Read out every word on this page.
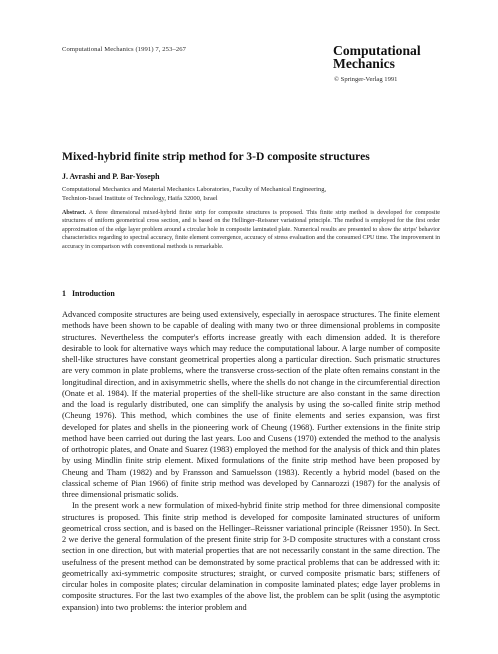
Computational Mechanics (1991) 7, 253–267	Computational
Mechanics
© Springer-Verlag 1991
Mixed-hybrid finite strip method for 3-D composite structures
J. Avrashi and P. Bar-Yoseph
Computational Mechanics and Material Mechanics Laboratories, Faculty of Mechanical Engineering,
Technion-Israel Institute of Technology, Haifa 32000, Israel
Abstract. A three dimensional mixed-hybrid finite strip for composite structures is proposed. This finite strip method is developed for composite structures of uniform geometrical cross section, and is based on the Hellinger–Reissner variational principle. The method is employed for the first order approximation of the edge layer problem around a circular hole in composite laminated plate. Numerical results are presented to show the strips' behavior characteristics regarding to spectral accuracy, finite element convergence, accuracy of stress evaluation and the consumed CPU time. The improvement in accuracy in comparison with conventional methods is remarkable.
1 Introduction
Advanced composite structures are being used extensively, especially in aerospace structures. The finite element methods have been shown to be capable of dealing with many two or three dimensional problems in composite structures. Nevertheless the computer's efforts increase greatly with each dimension added. It is therefore desirable to look for alternative ways which may reduce the computational labour. A large number of composite shell-like structures have constant geometrical properties along a particular direction. Such prismatic structures are very common in plate problems, where the transverse cross-section of the plate often remains constant in the longitudinal direction, and in axisymmetric shells, where the shells do not change in the circumferential direction (Onate et al. 1984). If the material properties of the shell-like structure are also constant in the same direction and the load is regularly distributed, one can simplify the analysis by using the so-called finite strip method (Cheung 1976). This method, which combines the use of finite elements and series expansion, was first developed for plates and shells in the pioneering work of Cheung (1968). Further extensions in the finite strip method have been carried out during the last years. Loo and Cusens (1970) extended the method to the analysis of orthotropic plates, and Onate and Suarez (1983) employed the method for the analysis of thick and thin plates by using Mindlin finite strip element. Mixed formulations of the finite strip method have been proposed by Cheung and Tham (1982) and by Fransson and Samuelsson (1983). Recently a hybrid model (based on the classical scheme of Pian 1966) of finite strip method was developed by Cannarozzi (1987) for the analysis of three dimensional prismatic solids.
In the present work a new formulation of mixed-hybrid finite strip method for three dimensional composite structures is proposed. This finite strip method is developed for composite laminated structures of uniform geometrical cross section, and is based on the Hellinger–Reissner variational principle (Reissner 1950). In Sect. 2 we derive the general formulation of the present finite strip for 3-D composite structures with a constant cross section in one direction, but with material properties that are not necessarily constant in the same direction. The usefulness of the present method can be demonstrated by some practical problems that can be addressed with it: geometrically axi-symmetric composite structures; straight, or curved composite prismatic bars; stiffeners of circular holes in composite plates; circular delamination in composite laminated plates; edge layer problems in composite structures. For the last two examples of the above list, the problem can be split (using the asymptotic expansion) into two problems: the interior problem and
